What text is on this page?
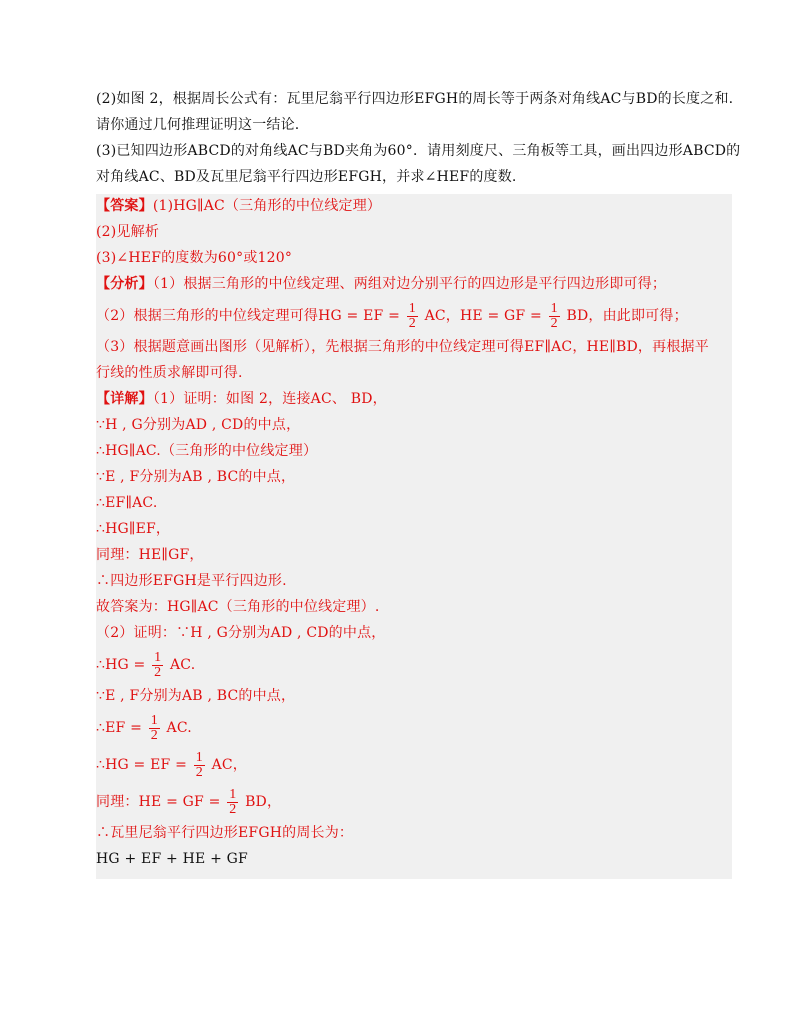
(2)如图 2，根据周长公式有：瓦里尼翁平行四边形EFGH的周长等于两条对角线AC与BD的长度之和.
请你通过几何推理证明这一结论.
(3)已知四边形ABCD的对角线AC与BD夹角为60°．请用刻度尺、三角板等工具，画出四边形ABCD的
对角线AC、BD及瓦里尼翁平行四边形EFGH，并求∠HEF的度数.
【答案】(1)HG∥AC（三角形的中位线定理）
(2)见解析
(3)∠HEF的度数为60°或120°
【分析】（1）根据三角形的中位线定理、两组对边分别平行的四边形是平行四边形即可得；
（2）根据三角形的中位线定理可得HG = EF = $\frac{1}{2}$ AC，HE = GF = $\frac{1}{2}$ BD，由此即可得；
（3）根据题意画出图形（见解析），先根据三角形的中位线定理可得EF∥AC，HE∥BD，再根据平
行线的性质求解即可得.
【详解】（1）证明：如图 2，连接AC、 BD，
∵H , G分别为AD , CD的中点，
∴HG∥AC.（三角形的中位线定理）
∵E , F分别为AB , BC的中点，
∴EF∥AC.
∴HG∥EF，
同理：HE∥GF，
∴四边形EFGH是平行四边形.
故答案为：HG∥AC（三角形的中位线定理）.
（2）证明：∵H , G分别为AD , CD的中点，
∴HG = $\frac{1}{2}$ AC.
∵E , F分别为AB , BC的中点，
∴EF = $\frac{1}{2}$ AC.
∴HG = EF = $\frac{1}{2}$ AC，
同理：HE = GF = $\frac{1}{2}$ BD，
∴瓦里尼翁平行四边形EFGH的周长为：
HG + EF + HE + GF
